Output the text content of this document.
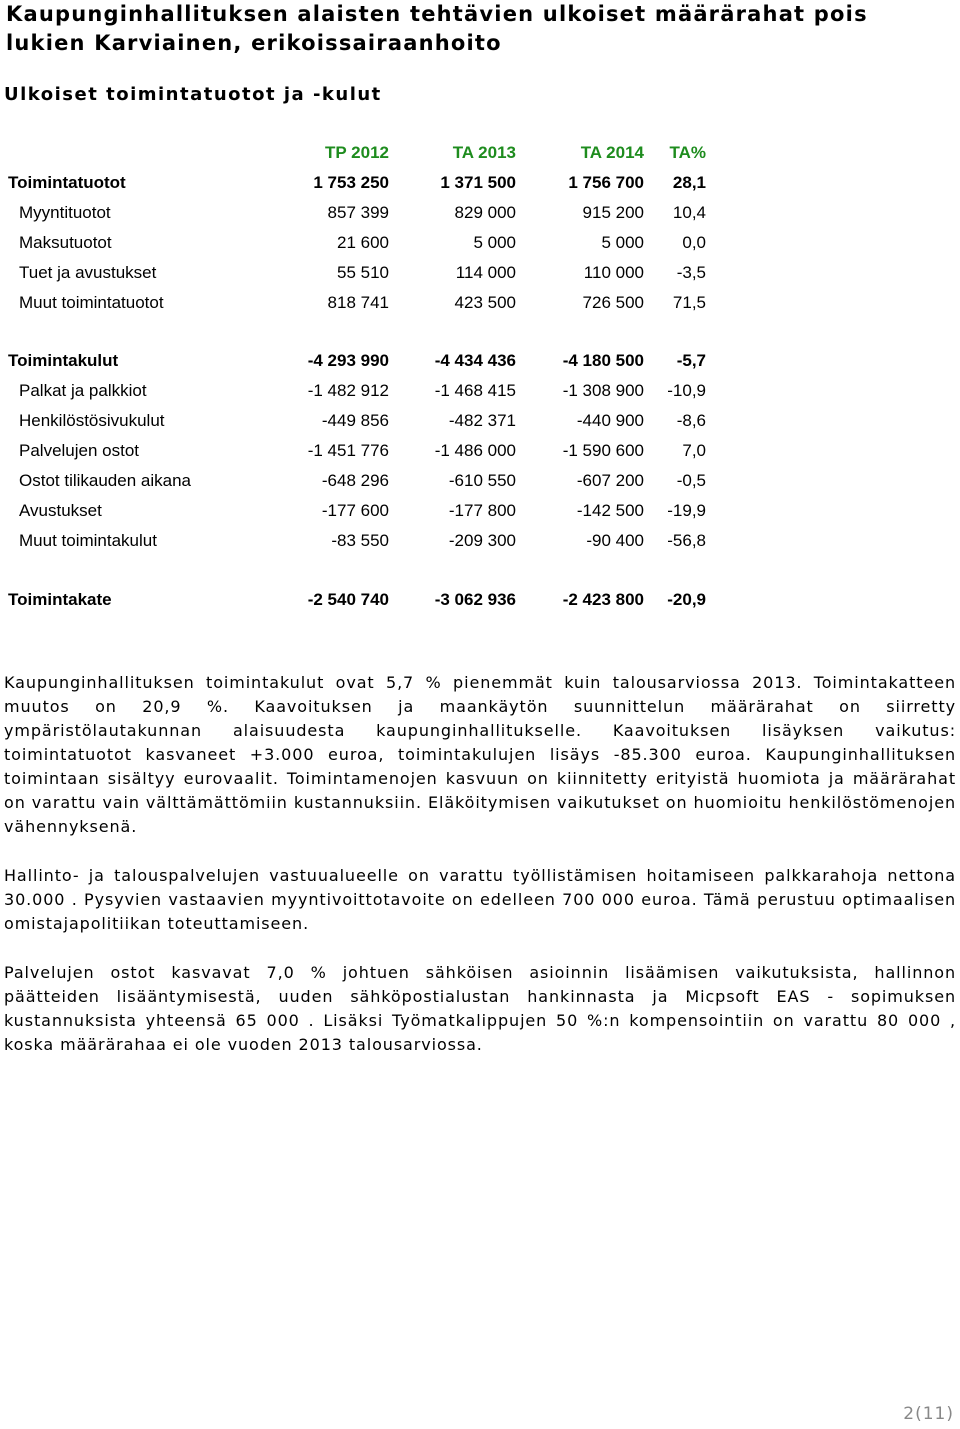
Kaupunginhallituksen alaisten tehtävien ulkoiset määrärahat pois lukien Karviainen, erikoissairaanhoito
Ulkoiset toimintatuotot ja -kulut
TP 2012	TA 2013	TA 2014 TA%
Toimintatuotot	1 753 250	1 371 500	1 756 700 28,1
Myyntituotot	857 399	829 000	915 200 10,4
Maksutuotot	21 600	5 000	5 000 0,0
Tuet ja avustukset	55 510	114 000	110 000 -3,5
Muut toimintatuotot	818 741	423 500	726 500 71,5
Toimintakulut	-4 293 990	-4 434 436	-4 180 500 -5,7
Palkat ja palkkiot	-1 482 912	-1 468 415	-1 308 900 -10,9
Henkilöstösivukulut	-449 856	-482 371	-440 900 -8,6
Palvelujen ostot	-1 451 776	-1 486 000	-1 590 600 7,0
Ostot tilikauden aikana	-648 296	-610 550	-607 200 -0,5
Avustukset	-177 600	-177 800	-142 500 -19,9
Muut toimintakulut	-83 550	-209 300	-90 400 -56,8
Toimintakate	-2 540 740	-3 062 936	-2 423 800 -20,9

Kaupunginhallituksen toimintakulut ovat 5,7 % pienemmät kuin talousarviossa 2013. Toimintakatteen muutos on 20,9 %. Kaavoituksen ja maankäytön suunnittelun määrärahat on siirretty ympäristölautakunnan alaisuudesta kaupunginhallitukselle. Kaavoituksen lisäyksen vaikutus: toimintatuotot kasvaneet +3.000 euroa, toimintakulujen lisäys -85.300 euroa. Kaupunginhallituksen toimintaan sisältyy eurovaalit. Toimintamenojen kasvuun on kiinnitetty erityistä huomiota ja määrärahat on varattu vain välttämättömiin kustannuksiin. Eläköitymisen vaikutukset on huomioitu henkilöstömenojen vähennyksenä.

Hallinto- ja talouspalvelujen vastuualueelle on varattu työllistämisen hoitamiseen palkkarahoja nettona 30.000 . Pysyvien vastaavien myyntivoittotavoite on edelleen 700 000 euroa. Tämä perustuu optimaalisen omistajapolitiikan toteuttamiseen.

Palvelujen ostot kasvavat 7,0 % johtuen sähköisen asioinnin lisäämisen vaikutuksista, hallinnon päätteiden lisääntymisestä, uuden sähköpostialustan hankinnasta ja Micpsoft EAS - sopimuksen kustannuksista yhteensä 65 000 . Lisäksi Työmatkalippujen 50 %:n kompensointiin on varattu 80 000 , koska määrärahaa ei ole vuoden 2013 talousarviossa.

2(11)
